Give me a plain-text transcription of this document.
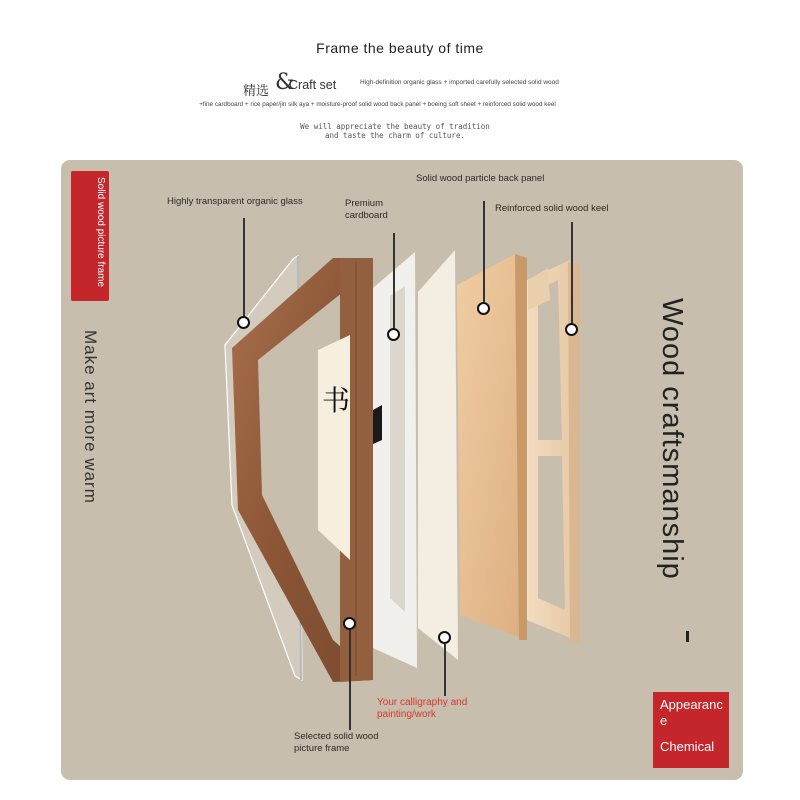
Frame the beauty of time
精选 &
Craft set	High-definition organic glass + imported carefully selected solid wood
+fine cardboard + rice paper/jin silk aya + moisture-proof solid wood back panel + boeing soft sheet + reinforced solid wood keel
We will appreciate the beauty of tradition
and taste the charm of culture.
书
Solid wood picture frame
Make art more warm	Wood craftsmanship
Highly transparent organic glass	Premium cardboard
Solid wood particle back panel
Reinforced solid wood keel
Your calligraphy and painting/work
Selected solid wood picture frame
Appearance
Chemical
